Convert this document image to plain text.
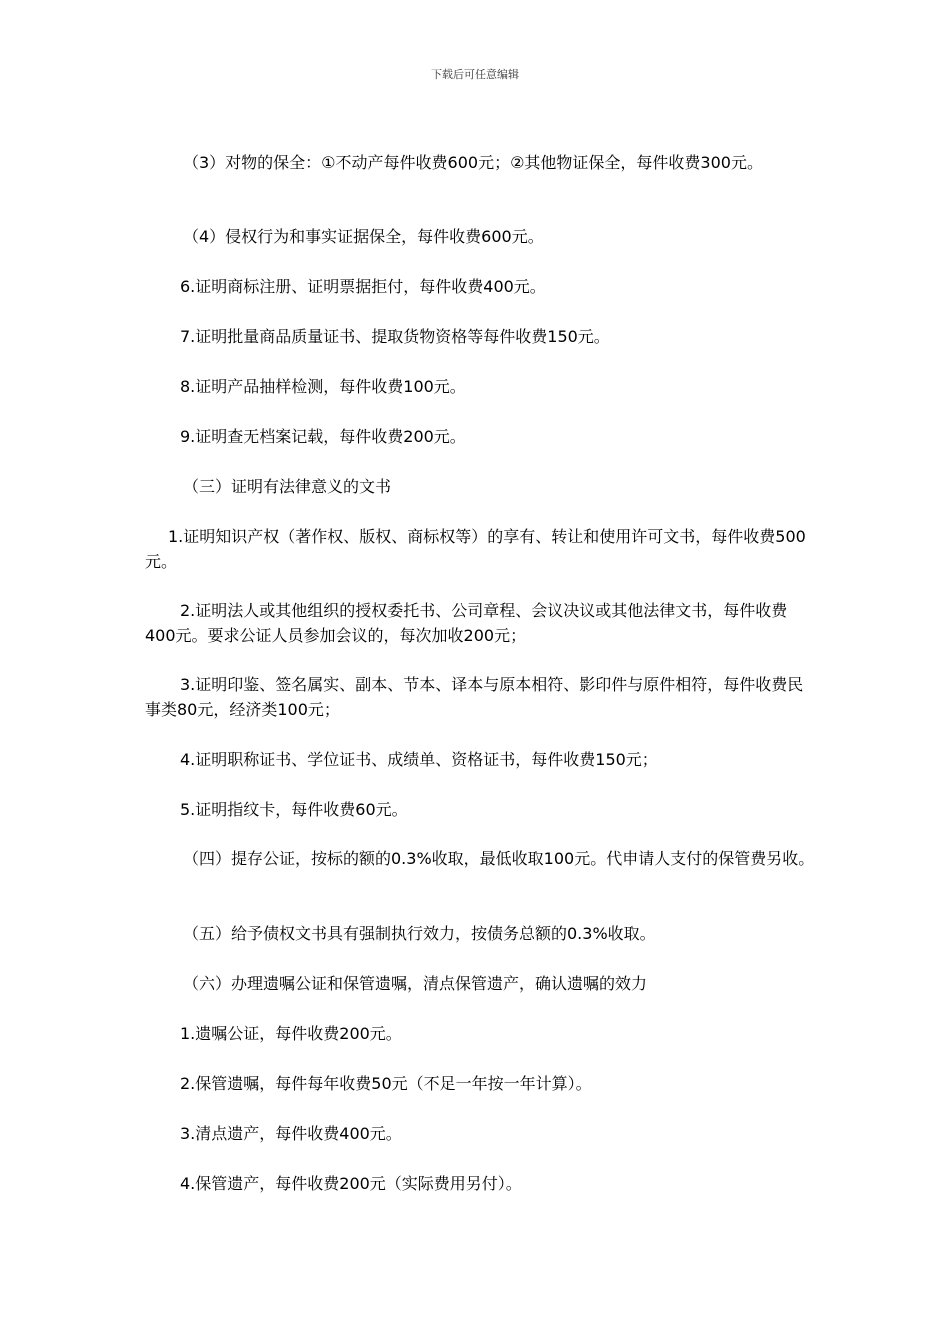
下载后可任意编辑

（3）对物的保全：①不动产每件收费600元；②其他物证保全，每件收费300元。

（4）侵权行为和事实证据保全，每件收费600元。

6.证明商标注册、证明票据拒付，每件收费400元。

7.证明批量商品质量证书、提取货物资格等每件收费150元。

8.证明产品抽样检测，每件收费100元。

9.证明查无档案记载，每件收费200元。

（三）证明有法律意义的文书

1.证明知识产权（著作权、版权、商标权等）的享有、转让和使用许可文书，每件收费500元。

2.证明法人或其他组织的授权委托书、公司章程、会议决议或其他法律文书，每件收费400元。要求公证人员参加会议的，每次加收200元；

3.证明印鉴、签名属实、副本、节本、译本与原本相符、影印件与原件相符，每件收费民事类80元，经济类100元；

4.证明职称证书、学位证书、成绩单、资格证书，每件收费150元；

5.证明指纹卡，每件收费60元。

（四）提存公证，按标的额的0.3%收取，最低收取100元。代申请人支付的保管费另收。

（五）给予债权文书具有强制执行效力，按债务总额的0.3%收取。

（六）办理遗嘱公证和保管遗嘱，清点保管遗产，确认遗嘱的效力

1.遗嘱公证，每件收费200元。

2.保管遗嘱，每件每年收费50元（不足一年按一年计算）。

3.清点遗产，每件收费400元。

4.保管遗产，每件收费200元（实际费用另付）。
